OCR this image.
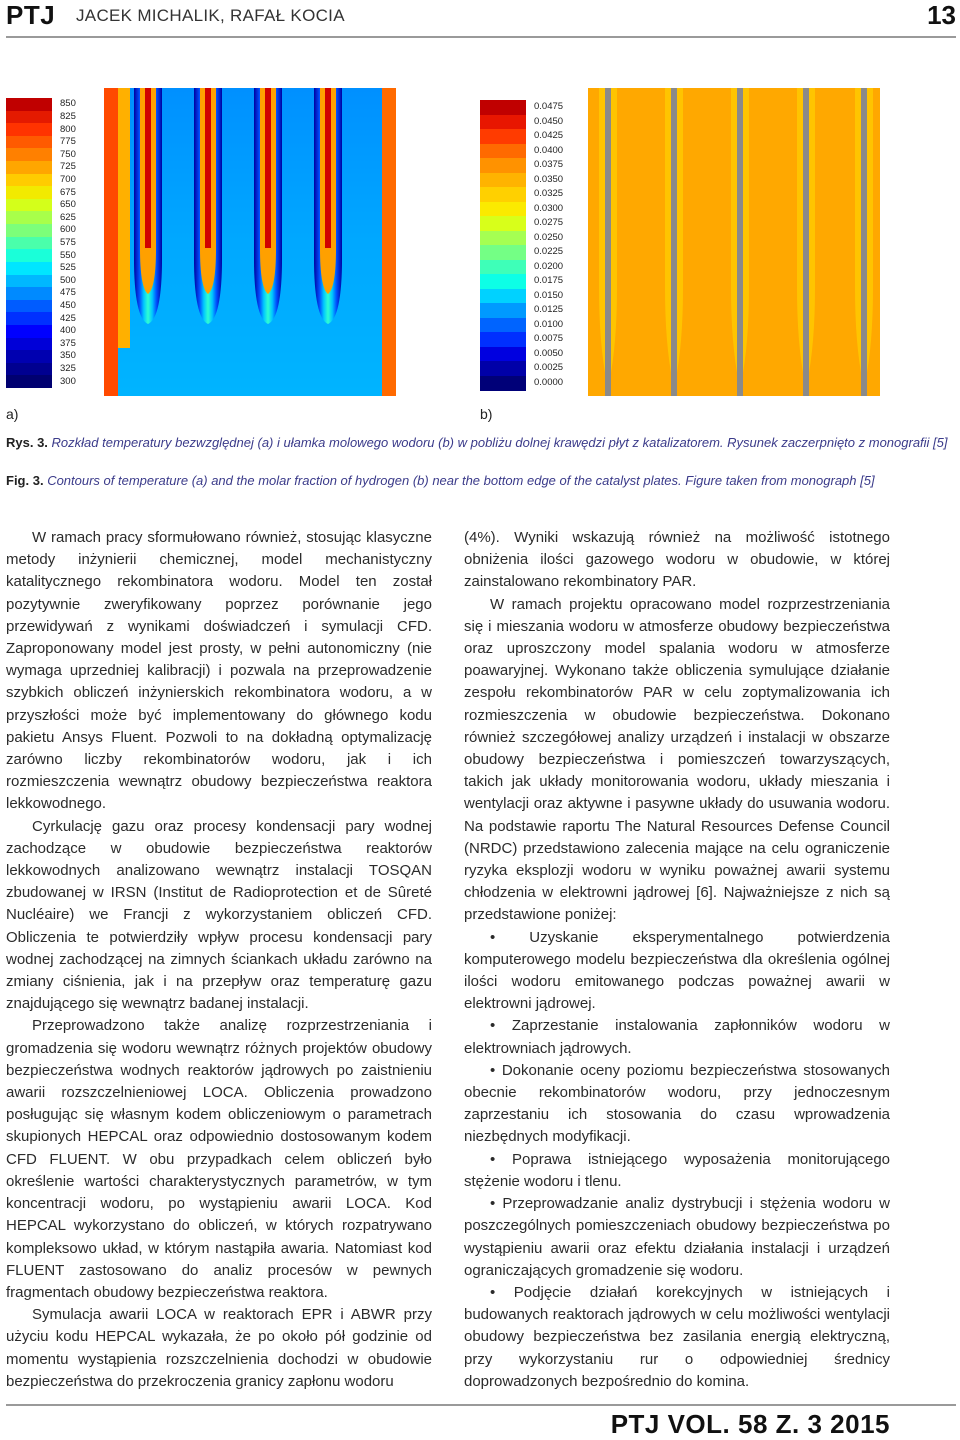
PTJ JACEK MICHALIK, RAFAŁ KOCIA	13
850
825
800
775
750
725
700
675
650
625
600
575
550
525
500
475
450
425
400
375
350
325
300
a)
0.0475
0.0450
0.0425
0.0400
0.0375
0.0350
0.0325
0.0300
0.0275
0.0250
0.0225
0.0200
0.0175
0.0150
0.0125
0.0100
0.0075
0.0050
0.0025
0.0000
b)
Rys. 3. Rozkład temperatury bezwzględnej (a) i ułamka molowego wodoru (b) w pobliżu dolnej krawędzi płyt z katalizatorem. Rysunek zaczerpnięto z monografii [5]
Fig. 3. Contours of temperature (a) and the molar fraction of hydrogen (b) near the bottom edge of the catalyst plates. Figure taken from monograph [5]

W ramach pracy sformułowano również, stosując klasyczne metody inżynierii chemicznej, model mechanistyczny katalitycznego rekombinatora wodoru. Model ten został pozytywnie zweryfikowany poprzez porównanie jego przewidywań z wynikami doświadczeń i symulacji CFD. Zaproponowany model jest prosty, w pełni autonomiczny (nie wymaga uprzedniej kalibracji) i pozwala na przeprowadzenie szybkich obliczeń inżynierskich rekombinatora wodoru, a w przyszłości może być implementowany do głównego kodu pakietu Ansys Fluent. Pozwoli to na dokładną optymalizację zarówno liczby rekombinatorów wodoru, jak i ich rozmieszczenia wewnątrz obudowy bezpieczeństwa reaktora lekkowodnego.

Cyrkulację gazu oraz procesy kondensacji pary wodnej zachodzące w obudowie bezpieczeństwa reaktorów lekkowodnych analizowano wewnątrz instalacji TOSQAN zbudowanej w IRSN (Institut de Radioprotection et de Sûreté Nucléaire) we Francji z wykorzystaniem obliczeń CFD. Obliczenia te potwierdziły wpływ procesu kondensacji pary wodnej zachodzącej na zimnych ściankach układu zarówno na zmiany ciśnienia, jak i na przepływ oraz temperaturę gazu znajdującego się wewnątrz badanej instalacji.

Przeprowadzono także analizę rozprzestrzeniania i gromadzenia się wodoru wewnątrz różnych projektów obudowy bezpieczeństwa wodnych reaktorów jądrowych po zaistnieniu awarii rozszczelnieniowej LOCA. Obliczenia prowadzono posługując się własnym kodem obliczeniowym o parametrach skupionych HEPCAL oraz odpowiednio dostosowanym kodem CFD FLUENT. W obu przypadkach celem obliczeń było określenie wartości charakterystycznych parametrów, w tym koncentracji wodoru, po wystąpieniu awarii LOCA. Kod HEPCAL wykorzystano do obliczeń, w których rozpatrywano kompleksowo układ, w którym nastąpiła awaria. Natomiast kod FLUENT zastosowano do analiz procesów w pewnych fragmentach obudowy bezpieczeństwa reaktora.

Symulacja awarii LOCA w reaktorach EPR i ABWR przy użyciu kodu HEPCAL wykazała, że po około pół godzinie od momentu wystąpienia rozszczelnienia dochodzi w obudowie bezpieczeństwa do przekroczenia granicy zapłonu wodoru

(4%). Wyniki wskazują również na możliwość istotnego obniżenia ilości gazowego wodoru w obudowie, w której zainstalowano rekombinatory PAR.

W ramach projektu opracowano model rozprzestrzeniania się i mieszania wodoru w atmosferze obudowy bezpieczeństwa oraz uproszczony model spalania wodoru w atmosferze poawaryjnej. Wykonano także obliczenia symulujące działanie zespołu rekombinatorów PAR w celu zoptymalizowania ich rozmieszczenia w obudowie bezpieczeństwa. Dokonano również szczegółowej analizy urządzeń i instalacji w obszarze obudowy bezpieczeństwa i pomieszczeń towarzyszących, takich jak układy monitorowania wodoru, układy mieszania i wentylacji oraz aktywne i pasywne układy do usuwania wodoru. Na podstawie raportu The Natural Resources Defense Council (NRDC) przedstawiono zalecenia mające na celu ograniczenie ryzyka eksplozji wodoru w wyniku poważnej awarii systemu chłodzenia w elektrowni jądrowej [6]. Najważniejsze z nich są przedstawione poniżej:

• Uzyskanie eksperymentalnego potwierdzenia komputerowego modelu bezpieczeństwa dla określenia ogólnej ilości wodoru emitowanego podczas poważnej awarii w elektrowni jądrowej.

• Zaprzestanie instalowania zapłonników wodoru w elektrowniach jądrowych.

• Dokonanie oceny poziomu bezpieczeństwa stosowanych obecnie rekombinatorów wodoru, przy jednoczesnym zaprzestaniu ich stosowania do czasu wprowadzenia niezbędnych modyfikacji.

• Poprawa istniejącego wyposażenia monitorującego stężenie wodoru i tlenu.

• Przeprowadzanie analiz dystrybucji i stężenia wodoru w poszczególnych pomieszczeniach obudowy bezpieczeństwa po wystąpieniu awarii oraz efektu działania instalacji i urządzeń ograniczających gromadzenie się wodoru.

• Podjęcie działań korekcyjnych w istniejących i budowanych reaktorach jądrowych w celu możliwości wentylacji obudowy bezpieczeństwa bez zasilania energią elektryczną, przy wykorzystaniu rur o odpowiedniej średnicy doprowadzonych bezpośrednio do komina.

PTJ VOL. 58 Z. 3 2015
